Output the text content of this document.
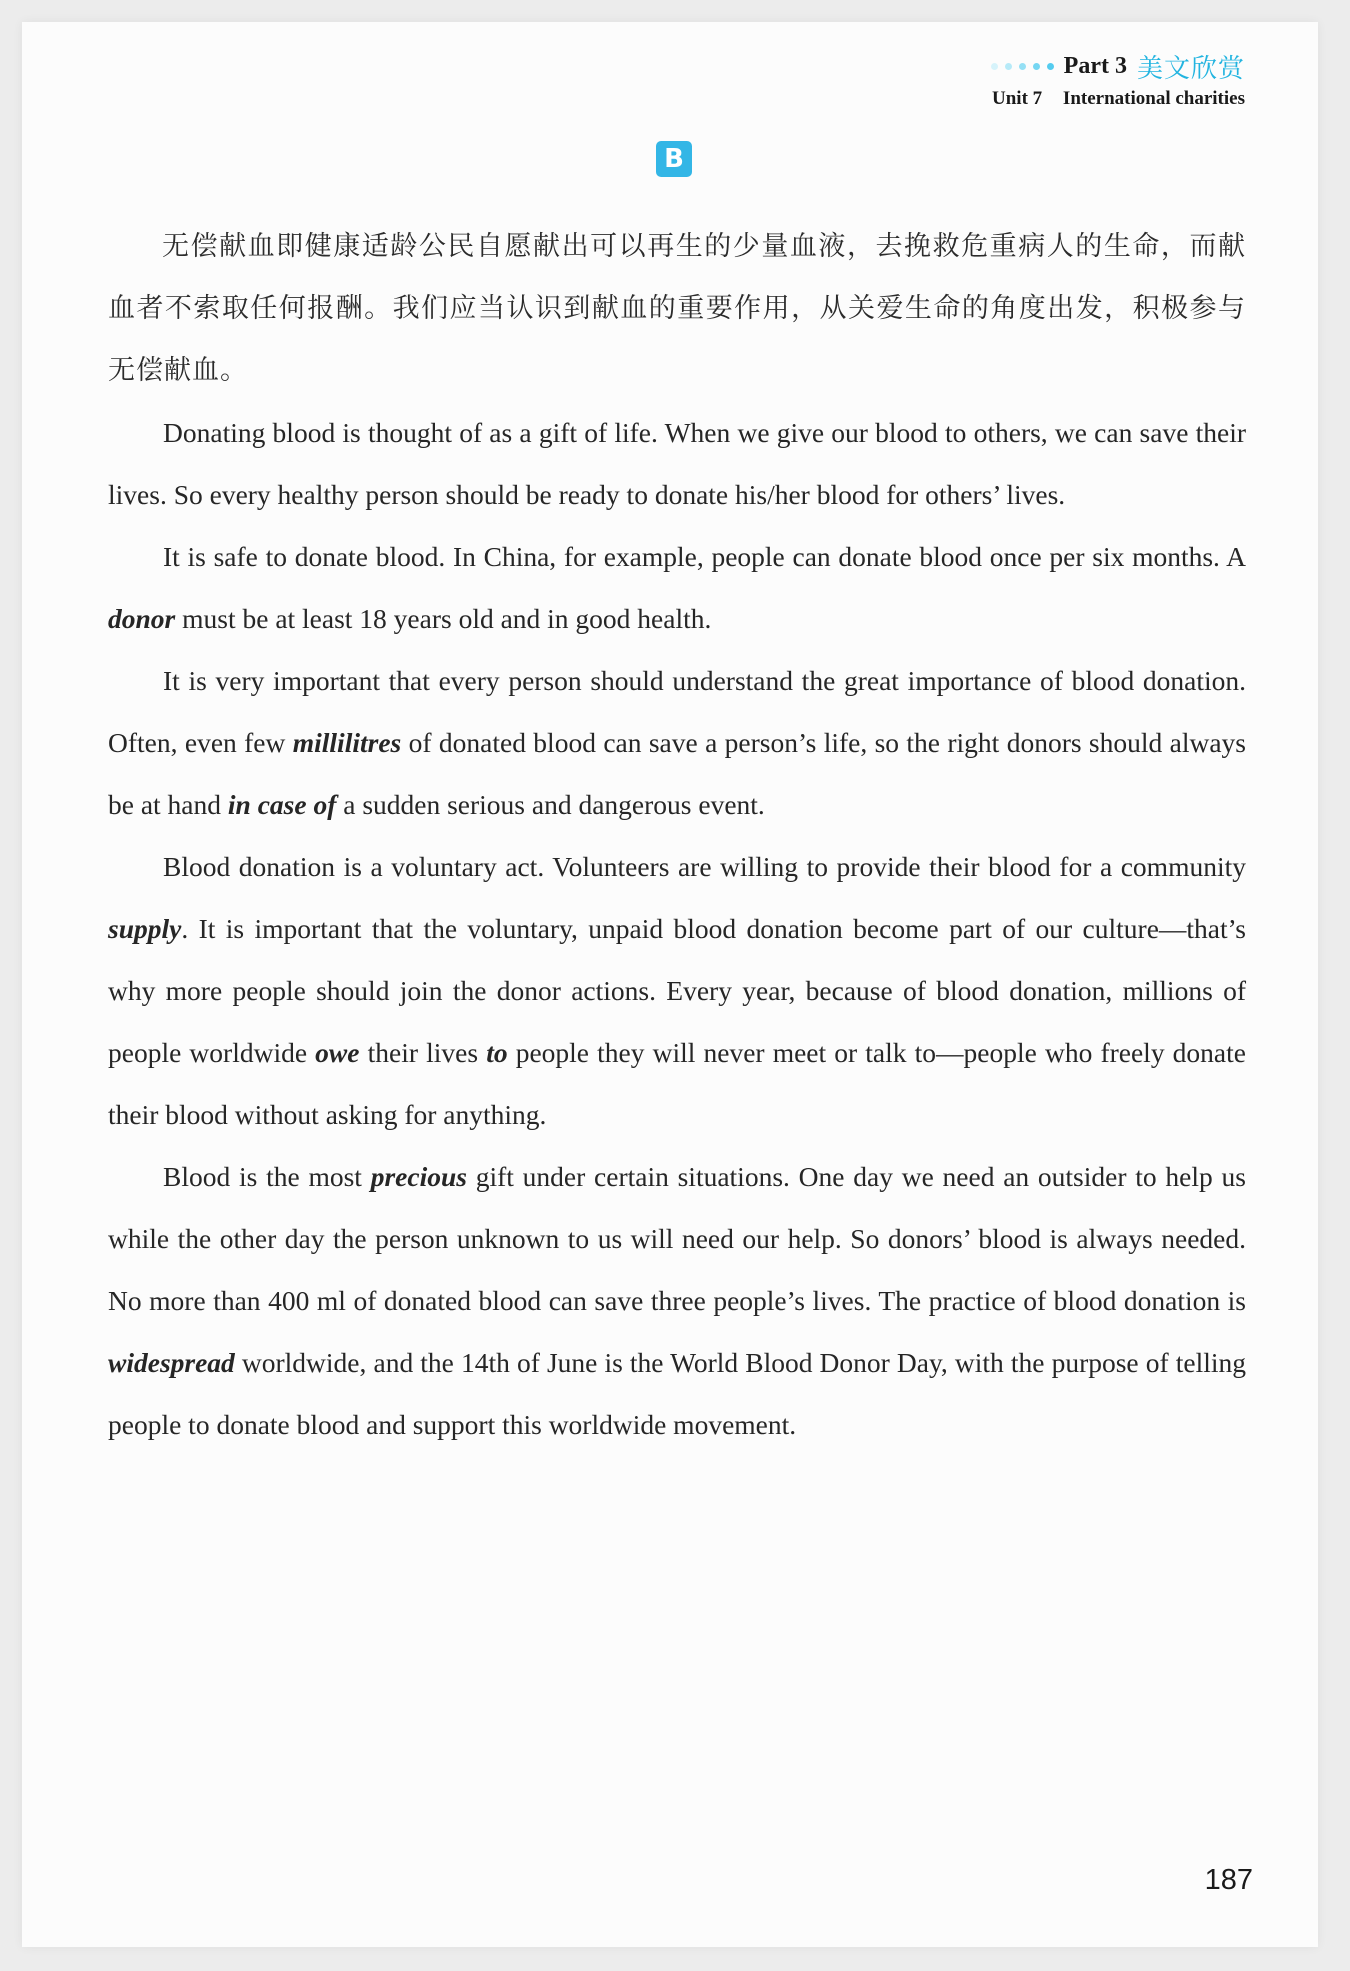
Part 3 美文欣赏
Unit 7 International charities
B

无偿献血即健康适龄公民自愿献出可以再生的少量血液，去挽救危重病人的生命，而献血者不索取任何报酬。我们应当认识到献血的重要作用，从关爱生命的角度出发，积极参与无偿献血。

Donating blood is thought of as a gift of life. When we give our blood to others, we can save their lives. So every healthy person should be ready to donate his/her blood for others’ lives.

It is safe to donate blood. In China, for example, people can donate blood once per six months. A donor must be at least 18 years old and in good health.

It is very important that every person should understand the great importance of blood donation. Often, even few millilitres of donated blood can save a person’s life, so the right donors should always be at hand in case of a sudden serious and dangerous event.

Blood donation is a voluntary act. Volunteers are willing to provide their blood for a community supply. It is important that the voluntary, unpaid blood donation become part of our culture—that’s why more people should join the donor actions. Every year, because of blood donation, millions of people worldwide owe their lives to people they will never meet or talk to—people who freely donate their blood without asking for anything.

Blood is the most precious gift under certain situations. One day we need an outsider to help us while the other day the person unknown to us will need our help. So donors’ blood is always needed. No more than 400 ml of donated blood can save three people’s lives. The practice of blood donation is widespread worldwide, and the 14th of June is the World Blood Donor Day, with the purpose of telling people to donate blood and support this worldwide movement.

187
